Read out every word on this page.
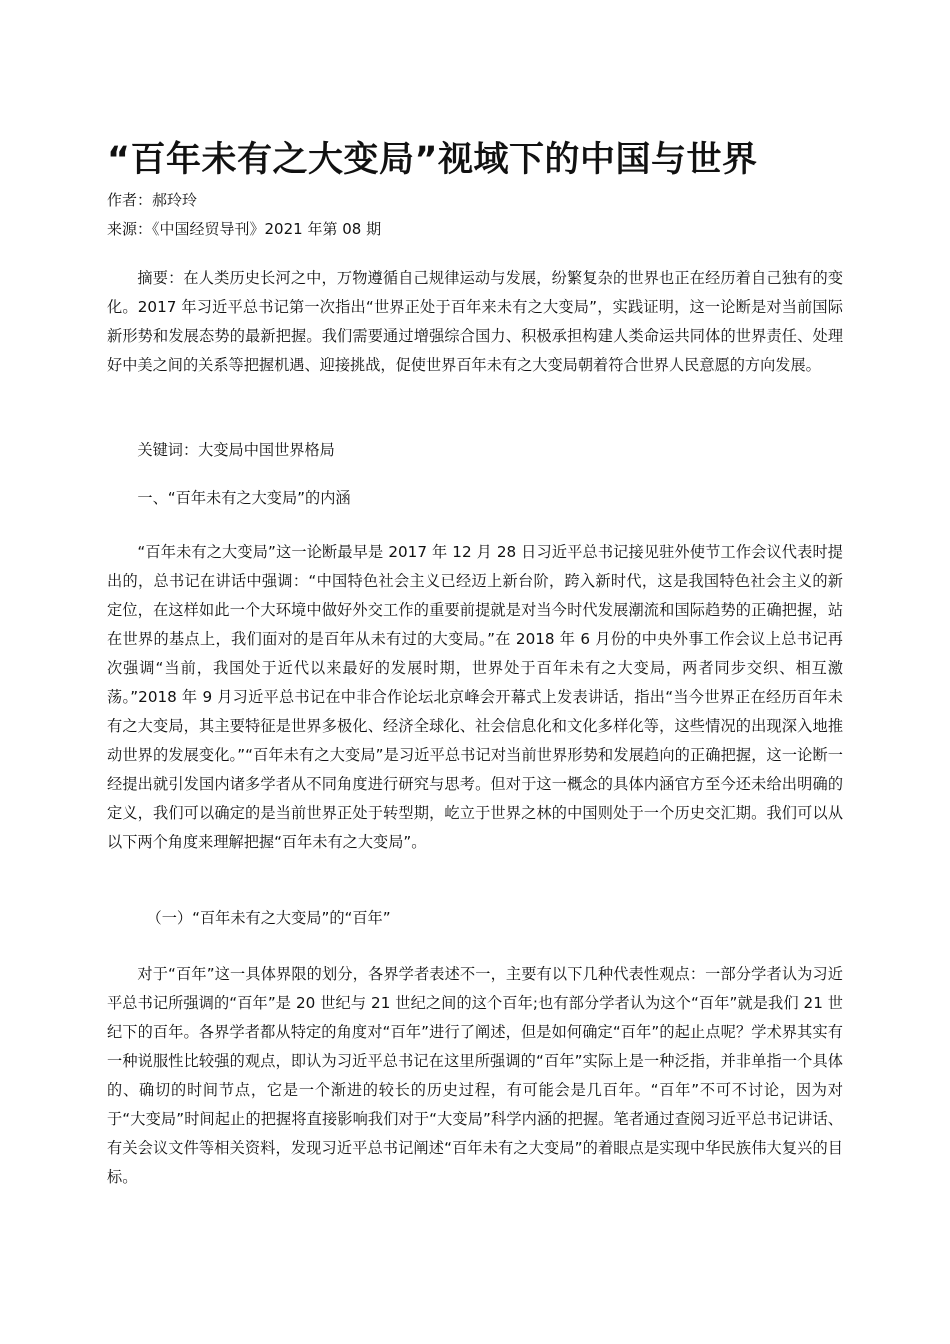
“百年未有之大变局”视域下的中国与世界
作者：郝玲玲
来源：《中国经贸导刊》2021 年第 08 期

摘要：在人类历史长河之中，万物遵循自己规律运动与发展，纷繁复杂的世界也正在经历着自己独有的变化。2017 年习近平总书记第一次指出“世界正处于百年来未有之大变局”，实践证明，这一论断是对当前国际新形势和发展态势的最新把握。我们需要通过增强综合国力、积极承担构建人类命运共同体的世界责任、处理好中美之间的关系等把握机遇、迎接挑战，促使世界百年未有之大变局朝着符合世界人民意愿的方向发展。

关键词：大变局中国世界格局

一、“百年未有之大变局”的内涵

“百年未有之大变局”这一论断最早是 2017 年 12 月 28 日习近平总书记接见驻外使节工作会议代表时提出的，总书记在讲话中强调：“中国特色社会主义已经迈上新台阶，跨入新时代，这是我国特色社会主义的新定位，在这样如此一个大环境中做好外交工作的重要前提就是对当今时代发展潮流和国际趋势的正确把握，站在世界的基点上，我们面对的是百年从未有过的大变局。”在 2018 年 6 月份的中央外事工作会议上总书记再次强调“当前，我国处于近代以来最好的发展时期，世界处于百年未有之大变局，两者同步交织、相互激荡。”2018 年 9 月习近平总书记在中非合作论坛北京峰会开幕式上发表讲话，指出“当今世界正在经历百年未有之大变局，其主要特征是世界多极化、经济全球化、社会信息化和文化多样化等，这些情况的出现深入地推动世界的发展变化。”“百年未有之大变局”是习近平总书记对当前世界形势和发展趋向的正确把握，这一论断一经提出就引发国内诸多学者从不同角度进行研究与思考。但对于这一概念的具体内涵官方至今还未给出明确的定义，我们可以确定的是当前世界正处于转型期，屹立于世界之林的中国则处于一个历史交汇期。我们可以从以下两个角度来理解把握“百年未有之大变局”。

（一）“百年未有之大变局”的“百年”

对于“百年”这一具体界限的划分，各界学者表述不一，主要有以下几种代表性观点：一部分学者认为习近平总书记所强调的“百年”是 20 世纪与 21 世纪之间的这个百年;也有部分学者认为这个“百年”就是我们 21 世纪下的百年。各界学者都从特定的角度对“百年”进行了阐述，但是如何确定“百年”的起止点呢？学术界其实有一种说服性比较强的观点，即认为习近平总书记在这里所强调的“百年”实际上是一种泛指，并非单指一个具体的、确切的时间节点，它是一个渐进的较长的历史过程，有可能会是几百年。“百年”不可不讨论，因为对于“大变局”时间起止的把握将直接影响我们对于“大变局”科学内涵的把握。笔者通过查阅习近平总书记讲话、有关会议文件等相关资料，发现习近平总书记阐述“百年未有之大变局”的着眼点是实现中华民族伟大复兴的目标。
